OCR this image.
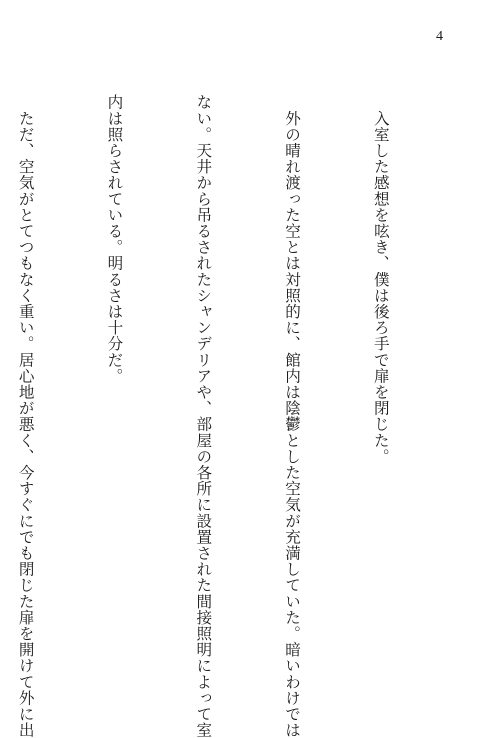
4

　入室した感想を呟き、僕は後ろ手で扉を閉じた。

　外の晴れ渡った空とは対照的に、館内は陰鬱とした空気が充満していた。暗いわけでは

ない。天井から吊るされたシャンデリアや、部屋の各所に設置された間接照明によって室

内は照らされている。明るさは十分だ。

　ただ、空気がとてつもなく重い。居心地が悪く、今すぐにでも閉じた扉を開けて外に出
